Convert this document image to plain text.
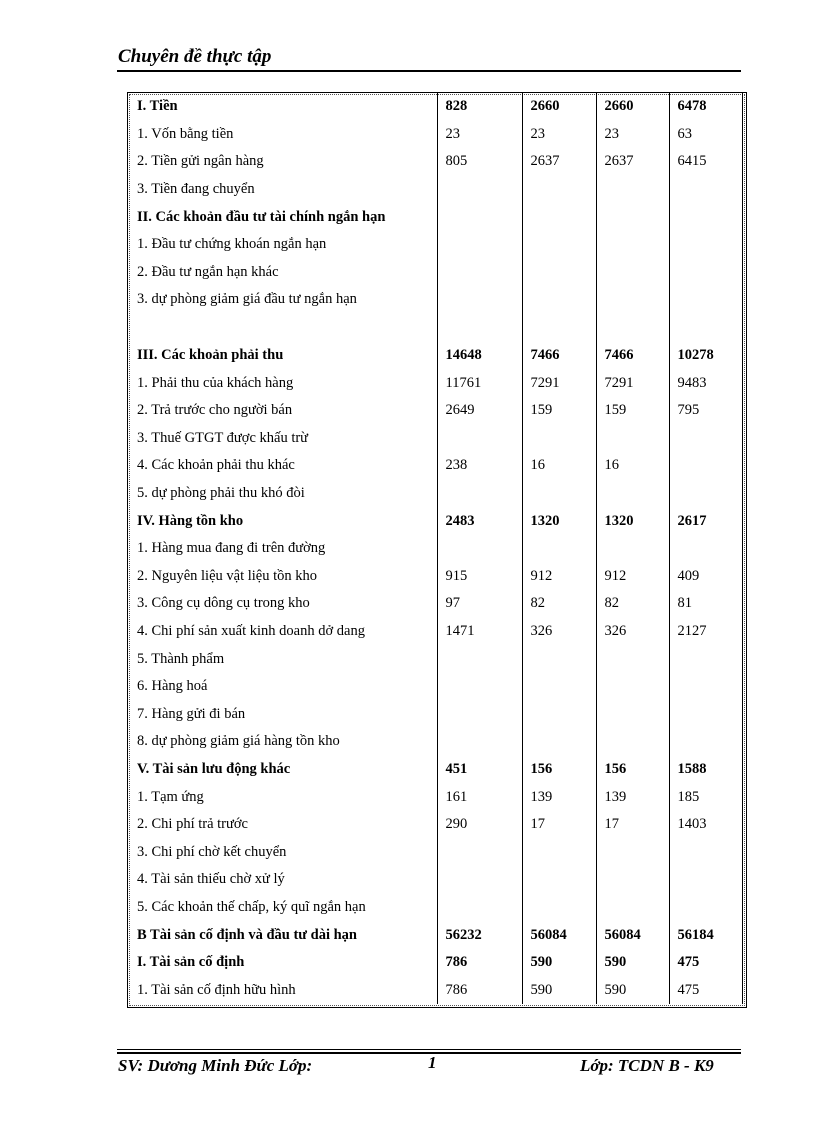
Chuyên đề thực tập
I. Tiền	828	2660	2660	6478
1. Vốn bằng tiền	23	23	23	63
2. Tiền gửi ngân hàng	805	2637	2637	6415
3. Tiền đang chuyển				
II. Các khoản đầu tư tài chính ngắn hạn				
1. Đầu tư chứng khoán ngắn hạn				
2. Đầu tư ngắn hạn khác				
3. dự phòng giảm giá đầu tư ngắn hạn				

III. Các khoản phải thu	14648	7466	7466	10278
1. Phải thu của khách hàng	11761	7291	7291	9483
2. Trả trước cho người bán	2649	159	159	795
3. Thuế GTGT được khấu trừ				
4. Các khoản phải thu khác	238	16	16	
5. dự phòng phải thu khó đòi				
IV. Hàng tồn kho	2483	1320	1320	2617
1. Hàng mua đang đi trên đường				
2. Nguyên liệu vật liệu tồn kho	915	912	912	409
3. Công cụ dông cụ trong kho	97	82	82	81
4. Chi phí sản xuất kinh doanh dở dang	1471	326	326	2127
5. Thành phẩm				
6. Hàng hoá				
7. Hàng gửi đi bán				
8. dự phòng giảm giá hàng tồn kho				
V. Tài sản lưu động khác	451	156	156	1588
1. Tạm ứng	161	139	139	185
2. Chi phí trả trước	290	17	17	1403
3. Chi phí chờ kết chuyển				
4. Tài sản thiếu chờ xử lý				
5. Các khoản thế chấp, ký quĩ ngắn hạn				
B Tài sản cố định và đầu tư dài hạn	56232	56084	56084	56184
I. Tài sản cố định	786	590	590	475
1. Tài sản cố định hữu hình	786	590	590	475
SV: Dương Minh Đức Lớp:	1	Lớp: TCDN B - K9
